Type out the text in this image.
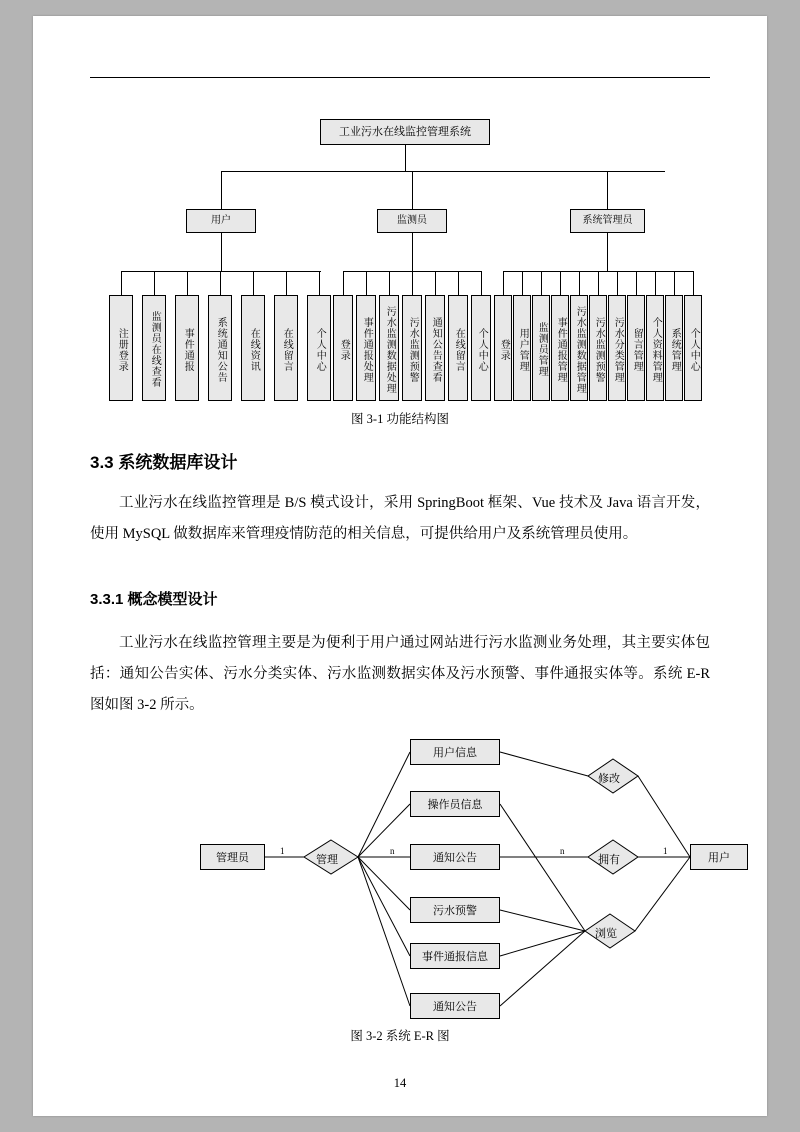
工业污水在线监控管理系统
用户	监测员	系统管理员
注册登录	监测员在线查看	事件通报	系统通知公告	在线资讯	在线留言	个人中心	登录	事件通报处理	污水监测数据处理	污水监测预警	通知公告查看	在线留言	个人中心	登录 用户管理 监测员管理 事件通报管理 污水监测数据管理 污水监测预警 污水分类管理 留言管理 个人资料管理 系统管理 个人中心
图 3-1 功能结构图
3.3 系统数据库设计
工业污水在线监控管理是 B/S 模式设计，采用 SpringBoot 框架、Vue 技术及 Java 语言开发，使用 MySQL 做数据库来管理疫情防范的相关信息，可提供给用户及系统管理员使用。
3.3.1 概念模型设计
工业污水在线监控管理主要是为便利于用户通过网站进行污水监测业务处理，其主要实体包括：通知公告实体、污水分类实体、污水监测数据实体及污水预警、事件通报实体等。系统 E-R 图如图 3-2 所示。
管理员	用户
用户信息
操作员信息
通知公告
污水预警
事件通报信息
通知公告
管理
修改
拥有
浏览
1	n	n	1
图 3-2 系统 E-R 图
14
